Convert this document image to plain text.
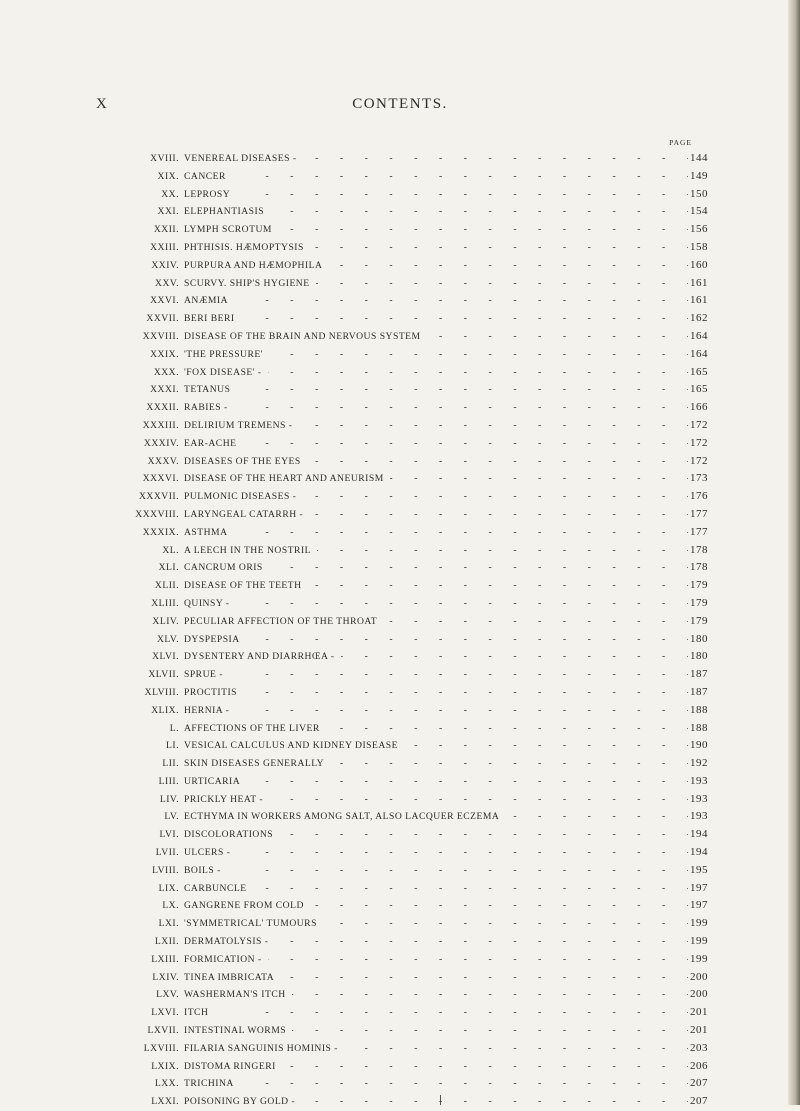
X	CONTENTS.
PAGE
XVIII. - VENEREAL DISEASES -	144
XIX. - CANCER	149
XX. - LEPROSY	150
XXI. - ELEPHANTIASIS	154
XXII. - LYMPH SCROTUM	156
XXIII. - PHTHISIS. HÆMOPTYSIS	158
XXIV. - PURPURA AND HÆMOPHILA	160
XXV. - SCURVY. SHIP'S HYGIENE	161
XXVI. - ANÆMIA	161
XXVII. - BERI BERI	162
XXVIII. - DISEASE OF THE BRAIN AND NERVOUS SYSTEM	164
XXIX. - 'THE PRESSURE'	164
XXX. - 'FOX DISEASE' -	165
XXXI. - TETANUS	165
XXXII. - RABIES -	166
XXXIII. - DELIRIUM TREMENS -	172
XXXIV. - EAR-ACHE	172
XXXV. - DISEASES OF THE EYES	172
XXXVI. - DISEASE OF THE HEART AND ANEURISM	173
XXXVII. - PULMONIC DISEASES -	176
XXXVIII. - LARYNGEAL CATARRH -	177
XXXIX. - ASTHMA	177
XL. - A LEECH IN THE NOSTRIL	178
XLI. - CANCRUM ORIS	178
XLII. - DISEASE OF THE TEETH	179
XLIII. - QUINSY -	179
XLIV. - PECULIAR AFFECTION OF THE THROAT	179
XLV. - DYSPEPSIA	180
XLVI. - DYSENTERY AND DIARRHŒA -	180
XLVII. - SPRUE -	187
XLVIII. - PROCTITIS	187
XLIX. - HERNIA -	188
L. - AFFECTIONS OF THE LIVER	188
LI. - VESICAL CALCULUS AND KIDNEY DISEASE	190
LII. - SKIN DISEASES GENERALLY	192
LIII. - URTICARIA	193
LIV. - PRICKLY HEAT -	193
LV. - ECTHYMA IN WORKERS AMONG SALT, ALSO LACQUER ECZEMA	193
LVI. - DISCOLORATIONS	194
LVII. - ULCERS -	194
LVIII. - BOILS -	195
LIX. - CARBUNCLE	197
LX. - GANGRENE FROM COLD	197
LXI. - 'SYMMETRICAL' TUMOURS	199
LXII. - DERMATOLYSIS -	199
LXIII. - FORMICATION -	199
LXIV. - TINEA IMBRICATA	200
LXV. - WASHERMAN'S ITCH	200
LXVI. - ITCH	201
LXVII. - INTESTINAL WORMS	201
LXVIII. - FILARIA SANGUINIS HOMINIS -	203
LXIX. - DISTOMA RINGERI	206
LXX. - TRICHINA	207
LXXI. - POISONING BY GOLD -	207
